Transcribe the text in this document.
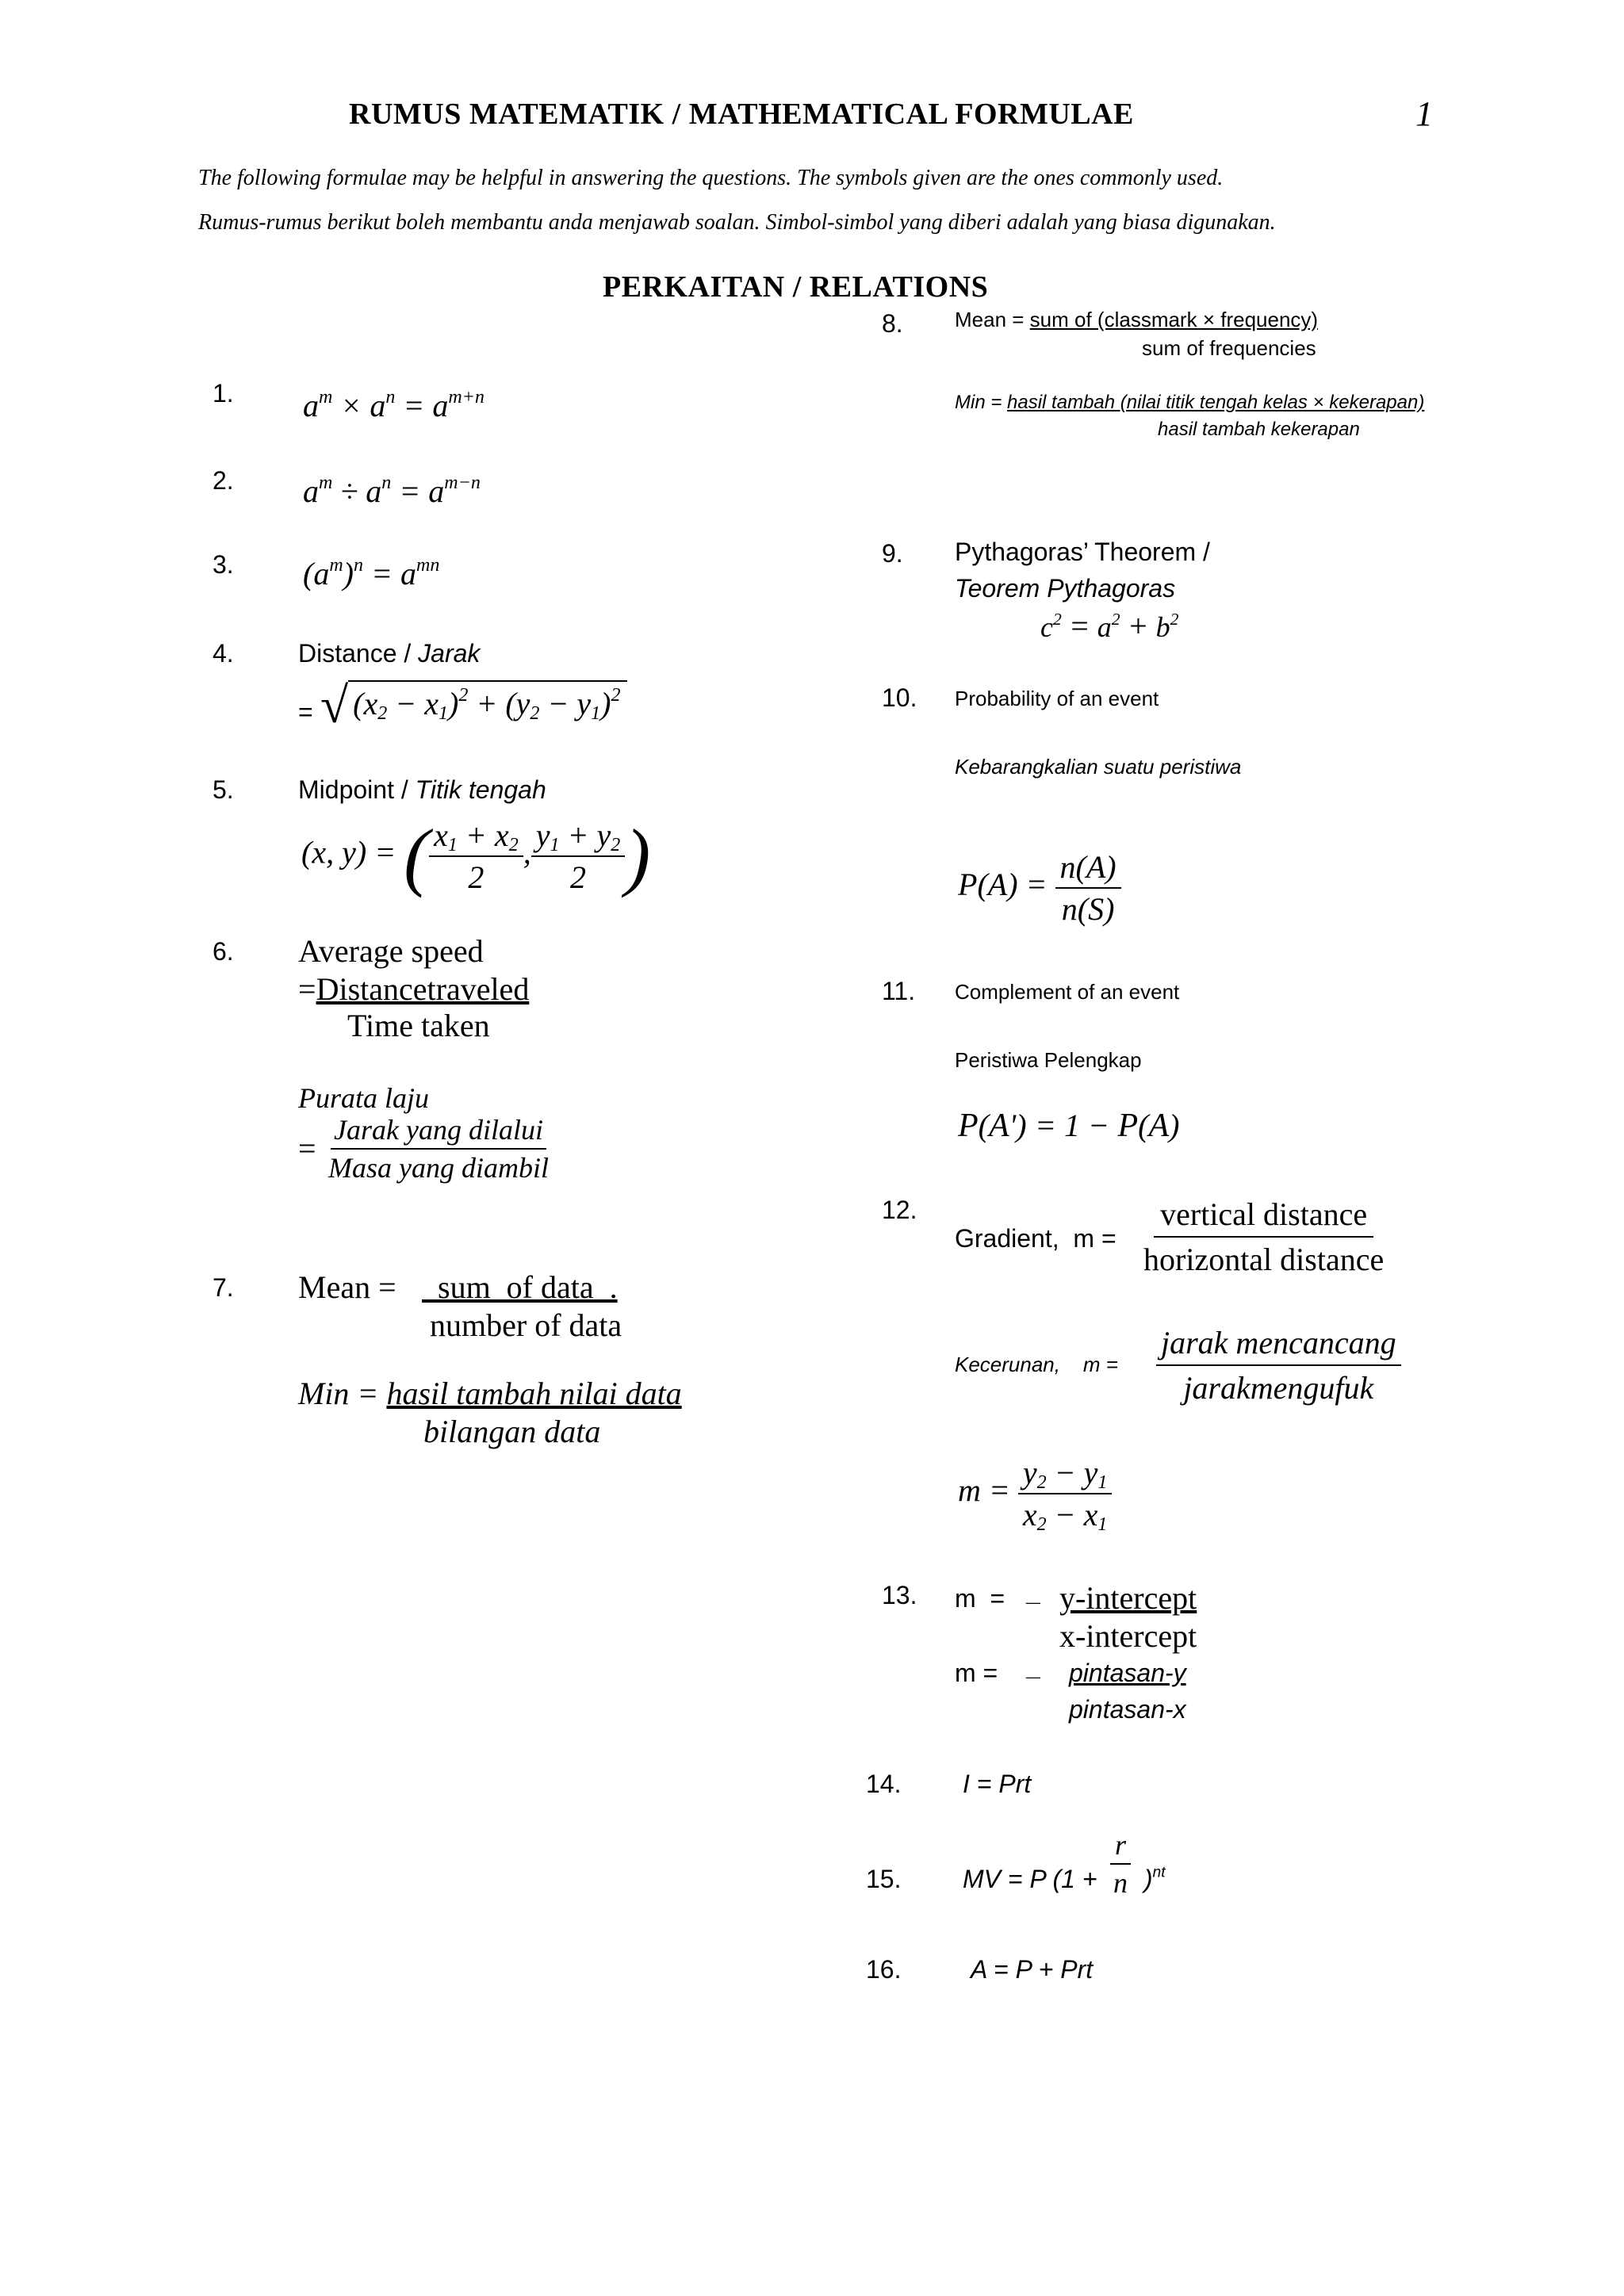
RUMUS MATEMATIK / MATHEMATICAL FORMULAE	1
The following formulae may be helpful in answering the questions. The symbols given are the ones commonly used.
Rumus-rumus berikut boleh membantu anda menjawab soalan. Simbol-simbol yang diberi adalah yang biasa digunakan.
PERKAITAN / RELATIONS
1. $a^m \times a^n = a^{m+n}$
2. $a^m \div a^n = a^{m-n}$
3. $(a^m)^n = a^{mn}$
4.	Distance / Jarak
= √ $(x_2 - x_1)^2 + (y_2 - y_1)^2$
5.	Midpoint / Titik tengah
(x, y) = ( $\frac{x_1 + x_2}{2}$ , $\frac{y_1 + y_2}{2}$ )
6. Average speed
=Distancetraveled
Time taken
Purata laju
=
Jarak yang dilalui
Masa yang diambil
7. Mean = sum  of data  .
number of data
Min = hasil tambah nilai data
bilangan data
8.	Mean = sum of (classmark × frequency)
sum of frequencies
Min = hasil tambah (nilai titik tengah kelas × kekerapan)
hasil tambah kekerapan
9. Pythagoras’ Theorem /
Teorem Pythagoras
$c^2 = a^2 + b^2$
10. Probability of an event
Kebarangkalian suatu peristiwa
$P(A) = \frac{n(A)}{n(S)}$
11. Complement of an event
Peristiwa Pelengkap
P(A') = 1 − P(A)
12.
Gradient,  m =
vertical distance
horizontal distance
Kecerunan,    m =
jarak mencancang
jarakmengufuk
$m = \frac{y_2 - y_1}{x_2 - x_1}$
13. m  = _ y-intercept
x-intercept
m = _ pintasan-y
pintasan-x
14. I = Prt
15. MV = P $(1 + \frac{r}{n} )^{nt}$
16.	A = P + Prt
